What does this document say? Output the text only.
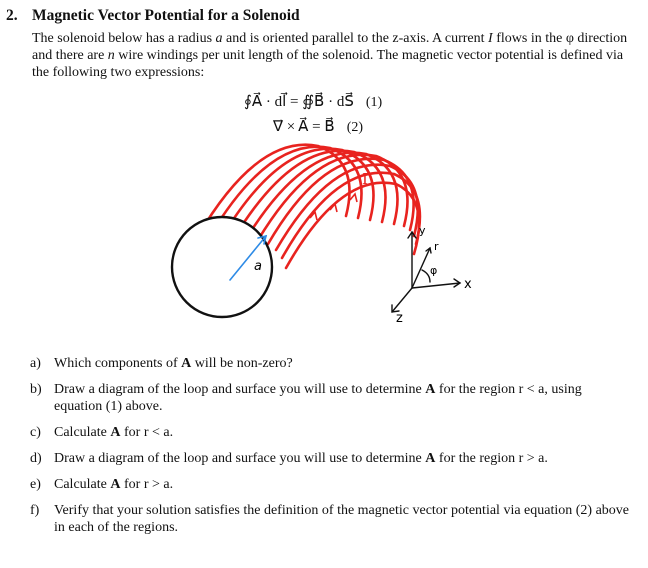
2. Magnetic Vector Potential for a Solenoid
The solenoid below has a radius a and is oriented parallel to the z-axis. A current I flows in the φ direction and there are n wire windings per unit length of the solenoid. The magnetic vector potential is defined via the following two expressions:
∮A⃗ · dl⃗ = ∯B⃗ · dS⃗ (1)
∇⃗ × A⃗ = B⃗ (2)
a
I
y
r
φ
x
z
a) Which components of A will be non-zero?
b) Draw a diagram of the loop and surface you will use to determine A for the region r < a, using equation (1) above.
c) Calculate A for r < a.
d) Draw a diagram of the loop and surface you will use to determine A for the region r > a.
e) Calculate A for r > a.
f) Verify that your solution satisfies the definition of the magnetic vector potential via equation (2) above in each of the regions.
